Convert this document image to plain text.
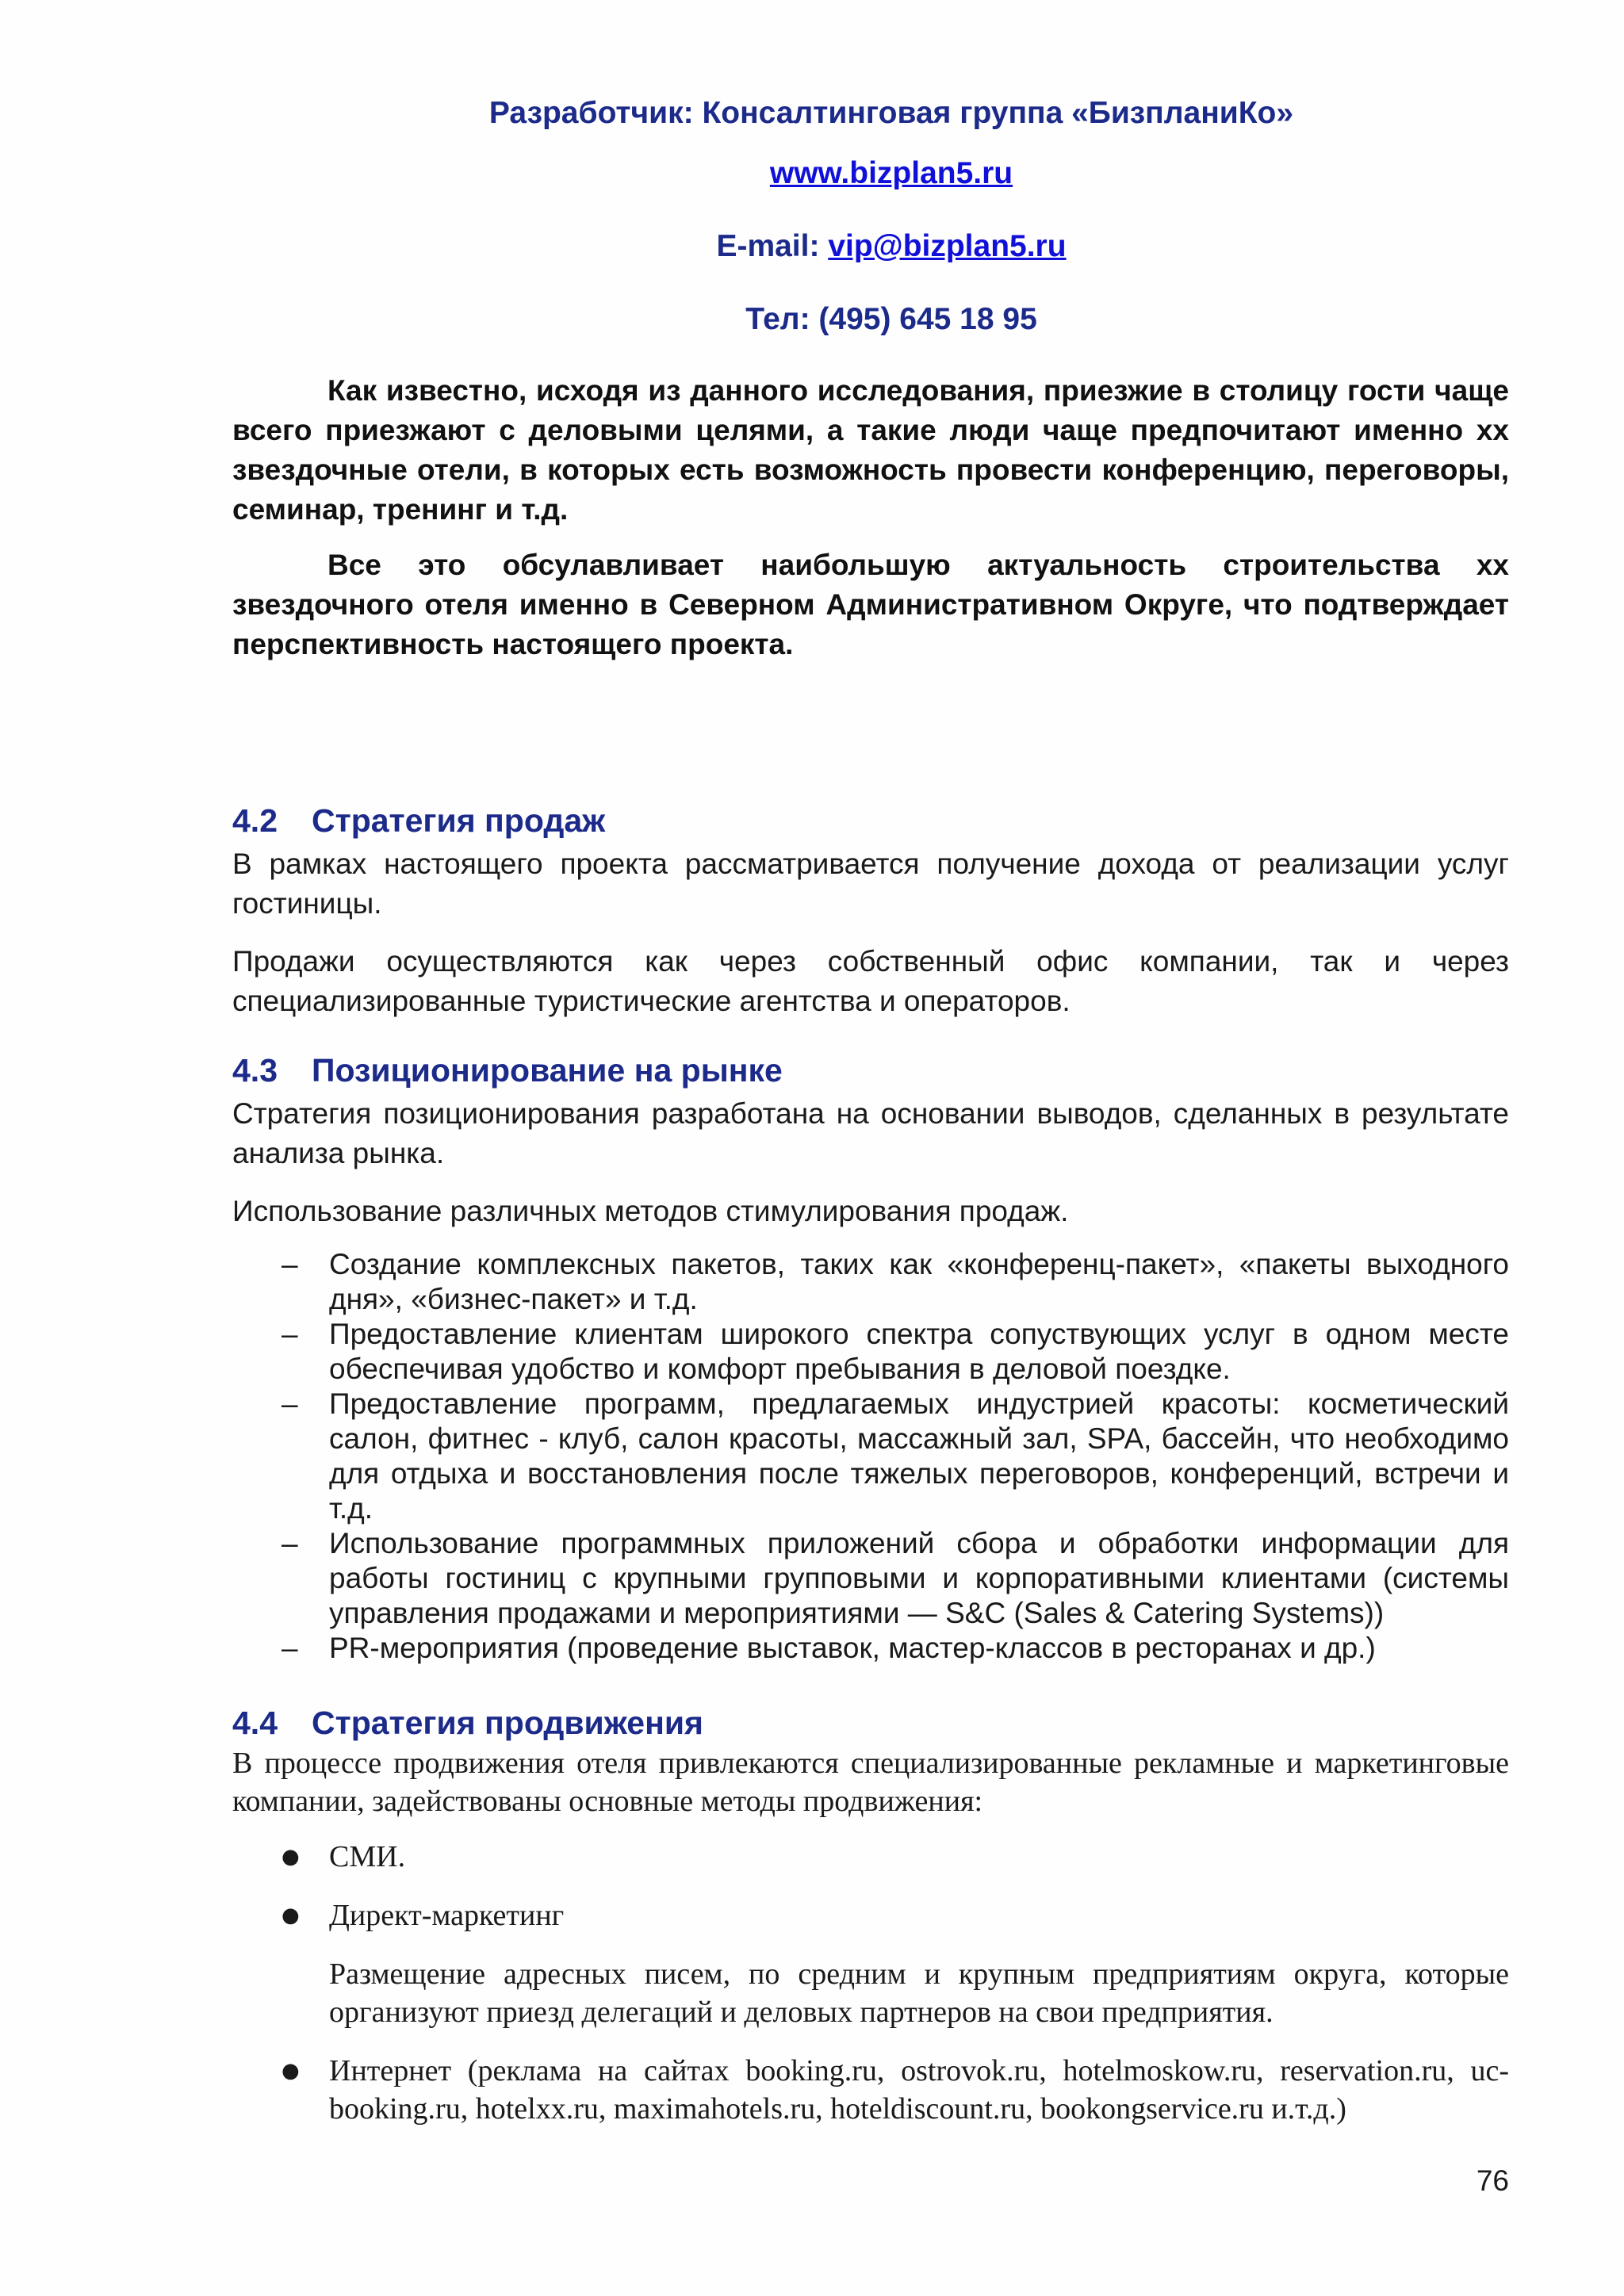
Разработчик: Консалтинговая группа «БизпланиКо»
www.bizplan5.ru
E-mail: vip@bizplan5.ru
Тел: (495) 645 18 95

Как известно, исходя из данного исследования, приезжие в столицу гости чаще всего приезжают с деловыми целями, а такие люди чаще предпочитают именно хх звездочные отели, в которых есть возможность провести конференцию, переговоры, семинар, тренинг и т.д.

Все это обсулавливает наибольшую актуальность строительства хх звездочного отеля именно в Северном Административном Округе, что подтверждает перспективность настоящего проекта.

4.2 Стратегия продаж

В рамках настоящего проекта рассматривается получение дохода от реализации услуг гостиницы.

Продажи осуществляются как через собственный офис компании, так и через специализированные туристические агентства и операторов.

4.3 Позиционирование на рынке

Стратегия позиционирования разработана на основании выводов, сделанных в результате анализа рынка.

Использование различных методов стимулирования продаж.

– Создание комплексных пакетов, таких как «конференц-пакет», «пакеты выходного дня», «бизнес-пакет» и т.д.
– Предоставление клиентам широкого спектра сопуствующих услуг в одном месте обеспечивая удобство и комфорт пребывания в деловой поездке.
– Предоставление программ, предлагаемых индустрией красоты: косметический салон, фитнес - клуб, салон красоты, массажный зал, SPA, бассейн, что необходимо для отдыха и восстановления после тяжелых переговоров, конференций, встречи и т.д.
– Использование программных приложений сбора и обработки информации для работы гостиниц с крупными групповыми и корпоративными клиентами (системы управления продажами и мероприятиями — S&C (Sales & Catering Systems))
– PR-мероприятия (проведение выставок, мастер-классов в ресторанах и др.)
4.4 Стратегия продвижения

В процессе продвижения отеля привлекаются специализированные рекламные и маркетинговые компании, задействованы основные методы продвижения:

● СМИ.
● Директ-маркетинг
Размещение адресных писем, по средним и крупным предприятиям округа, которые организуют приезд делегаций и деловых партнеров на свои предприятия.
● Интернет (реклама на сайтах booking.ru, ostrovok.ru, hotelmoskow.ru, reservation.ru, uc-booking.ru, hotelxx.ru, maximahotels.ru, hoteldiscount.ru, bookongservice.ru и.т.д.)
76
